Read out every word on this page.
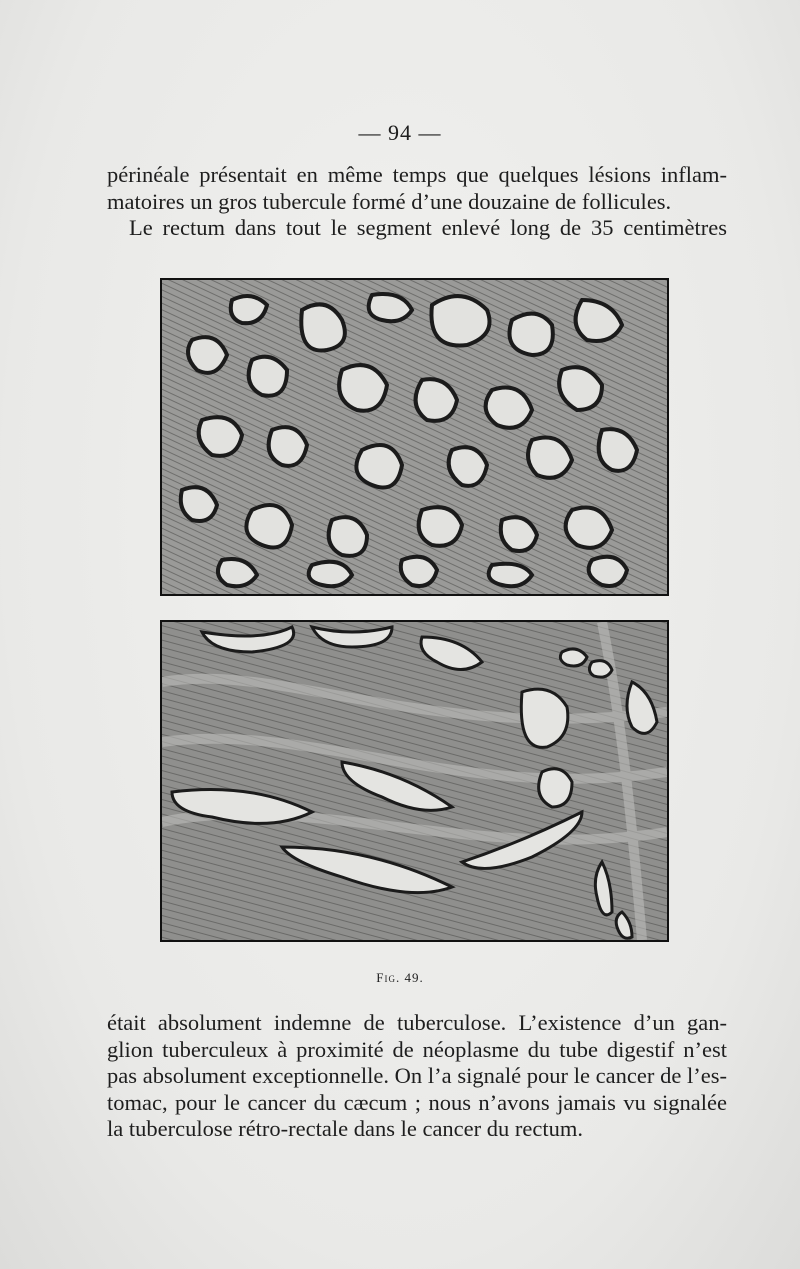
— 94 —
périnéale présentait en même temps que quelques lésions inflam-
matoires un gros tubercule formé d’une douzaine de follicules.
Le rectum dans tout le segment enlevé long de 35 centimètres
Fig. 49.
était absolument indemne de tuberculose. L’existence d’un gan-
glion tuberculeux à proximité de néoplasme du tube digestif n’est
pas absolument exceptionnelle. On l’a signalé pour le cancer de l’es-
tomac, pour le cancer du cæcum ; nous n’avons jamais vu signalée
la tuberculose rétro-rectale dans le cancer du rectum.
